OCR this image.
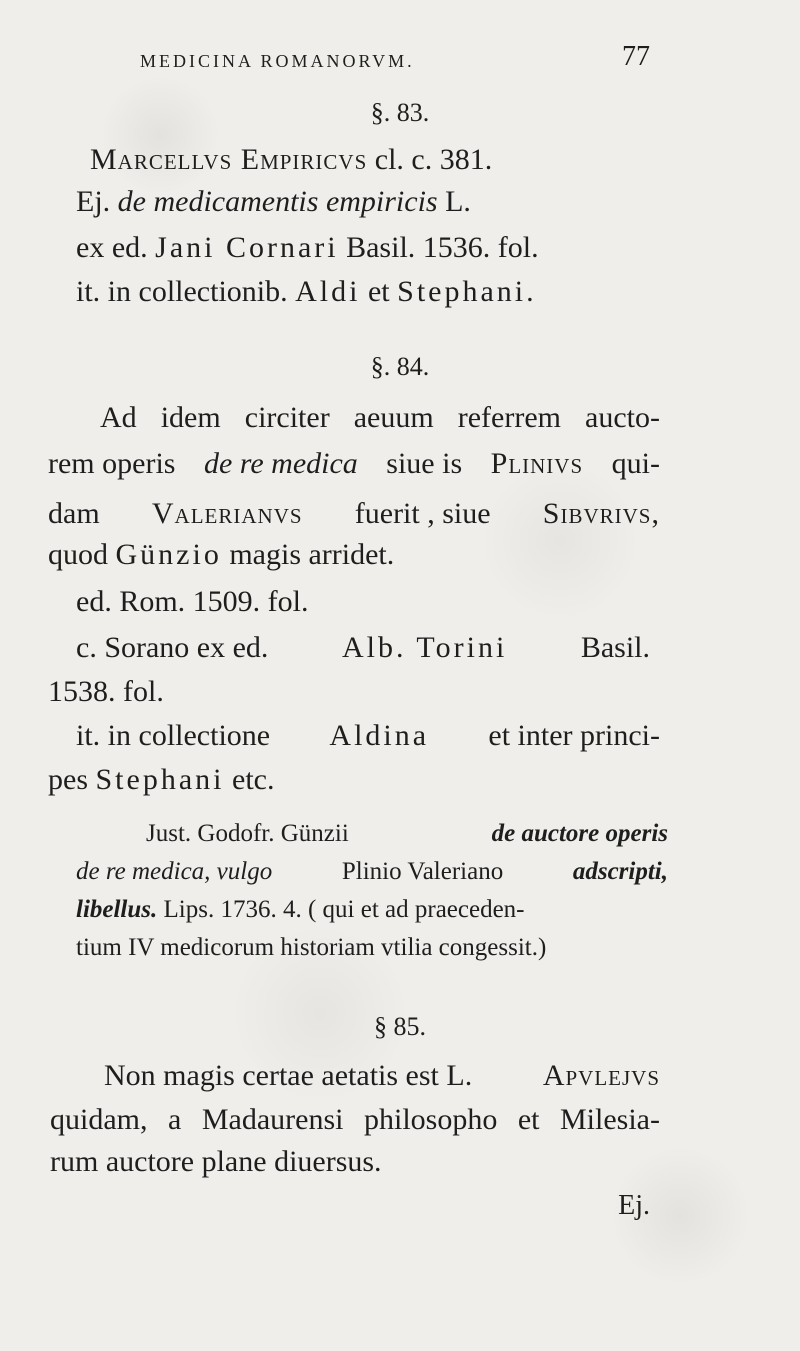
MEDICINA ROMANORVM.	77
§. 83.
Marcellvs Empiricvs cl. c. 381.
Ej. de medicamentis empiricis L.
ex ed. Jani Cornari Basil. 1536. fol.
it. in collectionib. Aldi et Stephani.
§. 84.
Ad idem circiter aeuum referrem aucto-
rem operis de re medica siue is Plinivs qui-
dam Valerianvs fuerit , siue Sibvrivs,
quod Günzio magis arridet.
ed. Rom. 1509. fol.
c. Sorano ex ed. Alb. Torini Basil.
1538. fol.
it. in collectione Aldina et inter princi-
pes Stephani etc.
Just. Godofr. Günzii	de auctore operis
de re medica, vulgo	Plinio Valeriano	adscripti,
libellus. Lips. 1736. 4. ( qui et ad praeceden-
tium IV medicorum historiam vtilia congessit.)
§ 85.
Non magis certae aetatis est L. Apvlejvs
quidam, a Madaurensi philosopho et Milesia-
rum auctore plane diuersus.
Ej.
